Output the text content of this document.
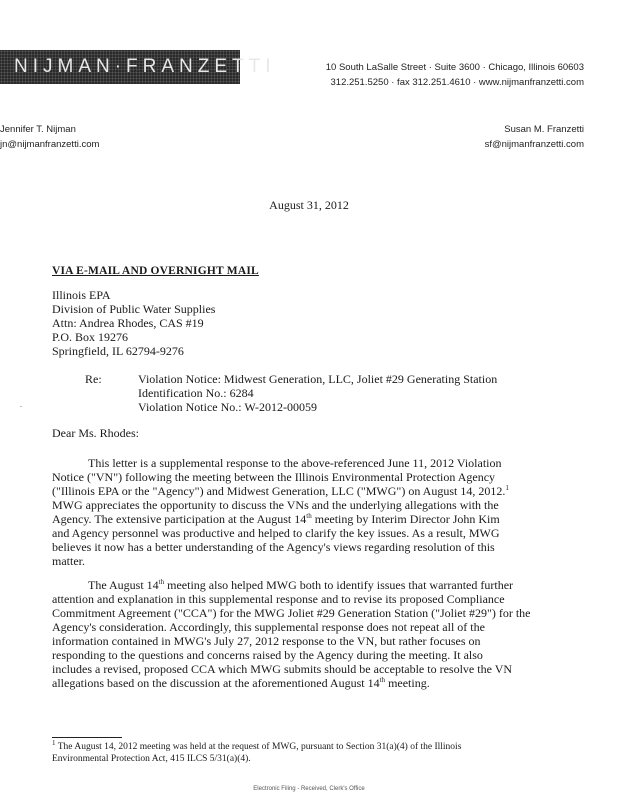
NIJMAN·FRANZETTI	10 South LaSalle Street · Suite 3600 · Chicago, Illinois 60603
312.251.5250 · fax 312.251.4610 · www.nijmanfranzetti.com
Jennifer T. Nijman
jn@nijmanfranzetti.com
Susan M. Franzetti
sf@nijmanfranzetti.com
August 31, 2012
VIA E-MAIL AND OVERNIGHT MAIL
Illinois EPA
Division of Public Water Supplies
Attn: Andrea Rhodes, CAS #19
P.O. Box 19276
Springfield, IL 62794-9276
Re:	Violation Notice: Midwest Generation, LLC, Joliet #29 Generating Station
Identification No.: 6284
Violation Notice No.: W-2012-00059
.
Dear Ms. Rhodes:
This letter is a supplemental response to the above-referenced June 11, 2012 Violation
Notice ("VN") following the meeting between the Illinois Environmental Protection Agency
("Illinois EPA or the "Agency") and Midwest Generation, LLC ("MWG") on August 14, 2012.$^1$
MWG appreciates the opportunity to discuss the VNs and the underlying allegations with the
Agency. The extensive participation at the August 14th meeting by Interim Director John Kim
and Agency personnel was productive and helped to clarify the key issues. As a result, MWG
believes it now has a better understanding of the Agency's views regarding resolution of this
matter.
The August 14th meeting also helped MWG both to identify issues that warranted further
attention and explanation in this supplemental response and to revise its proposed Compliance
Commitment Agreement ("CCA") for the MWG Joliet #29 Generation Station ("Joliet #29") for the
Agency's consideration. Accordingly, this supplemental response does not repeat all of the
information contained in MWG's July 27, 2012 response to the VN, but rather focuses on
responding to the questions and concerns raised by the Agency during the meeting. It also
includes a revised, proposed CCA which MWG submits should be acceptable to resolve the VN
allegations based on the discussion at the aforementioned August 14th meeting.
$^1$ The August 14, 2012 meeting was held at the request of MWG, pursuant to Section 31(a)(4) of the Illinois
Environmental Protection Act, 415 ILCS 5/31(a)(4).
Electronic Filing - Received, Clerk's Office
